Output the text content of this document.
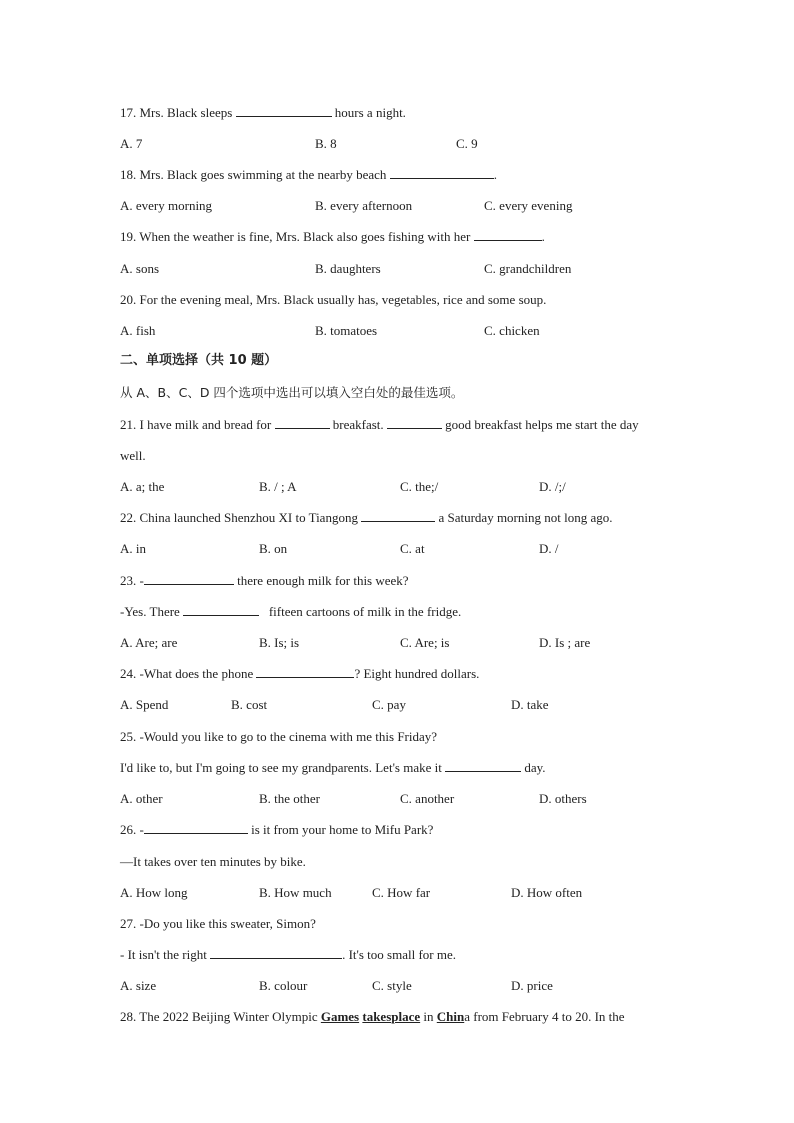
17. Mrs. Black sleeps	hours a night.
A. 7	B. 8	C. 9
18. Mrs. Black goes swimming at the nearby beach	.
A. every morning	B. every afternoon	C. every evening
19. When the weather is fine, Mrs. Black also goes fishing with her	.
A. sons	B. daughters	C. grandchildren
20. For the evening meal, Mrs. Black usually has, vegetables, rice and some soup.
A. fish	B. tomatoes	C. chicken
二、单项选择（共 10 题）
从 A、B、C、D 四个选项中选出可以填入空白处的最佳选项。
21. I have milk and bread for	breakfast.	good breakfast helps me start the day
well.
A. a; the	B. / ; A	C. the;/	D. /;/
22. China launched Shenzhou XI to Tiangong	a Saturday morning not long ago.
A. in	B. on	C. at	D. /
23. -	there enough milk for this week?
-Yes. There	fifteen cartoons of milk in the fridge.
A. Are; are	B. Is; is	C. Are; is	D. Is ; are
24. -What does the phone	? Eight hundred dollars.
A. Spend	B. cost	C. pay	D. take
25. -Would you like to go to the cinema with me this Friday?
I'd like to, but I'm going to see my grandparents. Let's make it	day.
A. other	B. the other	C. another	D. others
26. -	is it from your home to Mifu Park?
—It takes over ten minutes by bike.
A. How long	B. How much	C. How far	D. How often
27. -Do you like this sweater, Simon?
- It isn't the right	. It's too small for me.
A. size	B. colour	C. style	D. price
28. The 2022 Beijing Winter Olympic Games takesplace in China from February 4 to 20. In the
